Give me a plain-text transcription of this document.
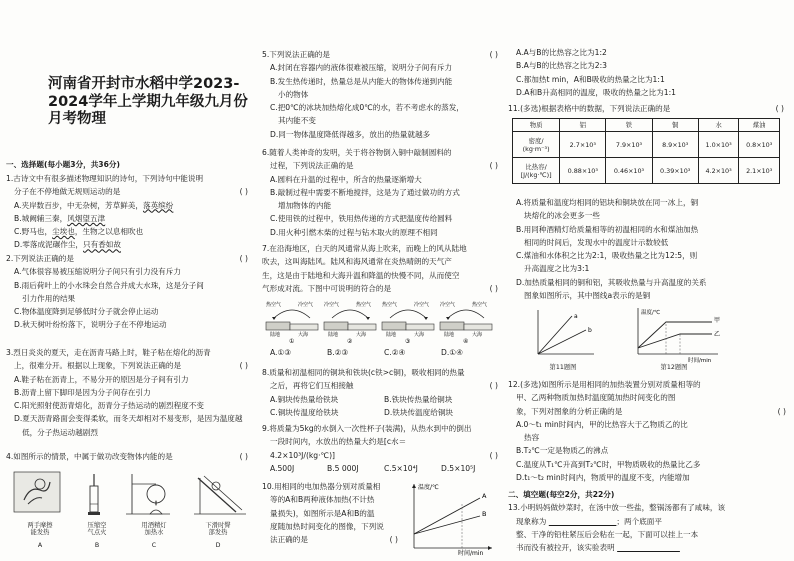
河南省开封市水稻中学2023-2024学年上学期九年级九月份月考物理

一、选择题(每小题3分，共36分)

1.古诗文中有很多描述物理知识的诗句，下列诗句中能说明

分子在不停地做无规则运动的是	( )

A.夹岸数百步，中无杂树，芳草鲜美，落英缤纷

B.城阙辅三秦，风烟望五津

C.野马也，尘埃也，生物之以息相吹也

D.零落成泥碾作尘，只有香如故

2.下列说法正确的是	( )

A.气体很容易被压缩说明分子间只有引力没有斥力

B.雨后荷叶上的小水珠会自然合并成大水珠，这是分子间

引力作用的结果

C.物体温度降到足够低时分子就会停止运动

D.秋天树叶纷纷落下，说明分子在不停地运动

3.烈日炎炎的夏天，走在沥青马路上时，鞋子粘在熔化的沥青

上，很难分开。根据以上现象，下列说法正确的是	( )

A.鞋子粘在沥青上，不易分开的原因是分子间有引力

B.沥青上留下脚印是因为分子间存在引力

C.阳光照射使沥青熔化，沥青分子热运动的剧烈程度不变

D.夏天沥青路面会变得柔软，而冬天却相对不易变形，是因为温度越

低，分子热运动越剧烈

4.如图所示的情景，中属于做功改变物体内能的是	( )

两手摩擦
能发热
压缩空
气点火
用酒精灯
加热水
下滑时臀
部发热
A	B	C	D

5.下列说法正确的是	( )

A.封闭在容器内的液体很难被压缩，说明分子间有斥力

B.发生热传递时，热量总是从内能大的物体传递到内能

小的物体

C.把0℃的冰块加热熔化成0℃的水，若不考虑水的蒸发，

其内能不变

D.同一物体温度降低得越多，放出的热量就越多

6.随着人类神奇的发明，关于将谷物倒入铜中敲制圆料的

过程，下列说法正确的是	( )

A.圆料在升温的过程中，所含的热量逐渐增大

B.敲制过程中需要不断地搅拌，这是为了通过做功的方式

增加物体的内能

C.使用铁的过程中，铁用热传递的方式把温度传给圆料

D.用火种引燃木柴的过程与钻木取火的原理不相同

7.在沿海地区，白天的风通常从海上吹来，而晚上的风从陆地

吹去，这叫海陆风。陆风和海风通常在炎热晴朗的天气产

生，这是由于陆地和大海升温和降温的快慢不同，从而使空

气形成对流。下图中可说明的符合的是	( )

热空气	冷空气
陆地	大海
①
冷空气	热空气
陆地	大海
②
热空气	冷空气
陆地	大海
③
冷空气	热空气
陆地	大海
④

A.①③	B.②③	C.②④	D.①④

8.质量和初温相同的铜块和铁块(c铁>c铜)，吸收相同的热量

之后，再将它们互相接触	( )

A.铜块传热量给铁块	B.铁块传热量给铜块

C.铜块传温度给铁块	D.铁块传温度给铜块

9.将质量为5kg的水倒入一次性杯子(装满)，从热水到中的倒出

一段时间内，水放出的热量大约是[c水＝

4.2×10³J/(kg·℃)]	( )

A.500J	B.5 000J	C.5×10⁴J	D.5×10⁵J

10.用相同的电加热器分别对质量相

等的A和B两种液体加热(不计热

量损失)，如图所示是A和B的温

度随加热时间变化的图像，下列说

法正确的是	( )

温度/℃
时间/min
A
B

A.A与B的比热容之比为1:2

B.A与B的比热容之比为2:3

C.都加热t min，A和B吸收的热量之比为1:1

D.A和B升高相同的温度，吸收的热量之比为1:1

11.(多选)根据表格中的数据，下列说法正确的是	( )

物质	铝	铁	铜	水	煤油
密度/
(kg·m⁻³)	2.7×10³	7.9×10³	8.9×10³	1.0×10³	0.8×10³
比热容/
[J/(kg·℃)]	0.88×10³	0.46×10³	0.39×10³	4.2×10³	2.1×10³

A.将质量和温度均相同的铝块和铜块放在同一冰上，铜

块熔化的冰会更多一些

B.用同种酒精灯给质量相等的初温相同的水和煤油加热

相同的时间后，发现水中的温度计示数较低

C.煤油和水体积之比为2:1，吸收热量之比为12:5，则

升高温度之比为3:1

D.加热质量相同的铜和铝，其吸收热量与升高温度的关系

图象如图所示，其中图线a表示的是铜

a
b
第11题图
温度/℃
时间/min
甲
乙
第12题图

12.(多选)如图所示是用相同的加热装置分别对质量相等的

甲、乙两种物质加热时温度随加热时间变化的图

象，下列对图象的分析正确的是	( )

A.0～t₁ min时间内，甲的比热容大于乙物质乙的比

热容

B.T₂℃一定是物质乙的沸点

C.温度从T₁℃升高到T₂℃时，甲物质吸收的热量比乙多

D.t₁～t₂ min时间内，物质甲的温度不变，内能增加

二、填空题(每空2分，共22分)

13.小明妈妈做炒菜时，在汤中放一些盐，整锅汤都有了咸味，该

现象称为	；两个底面平

整、干净的铅柱紧压后会粘在一起，下面可以挂上一本

书而没有被拉开，该实验表明
